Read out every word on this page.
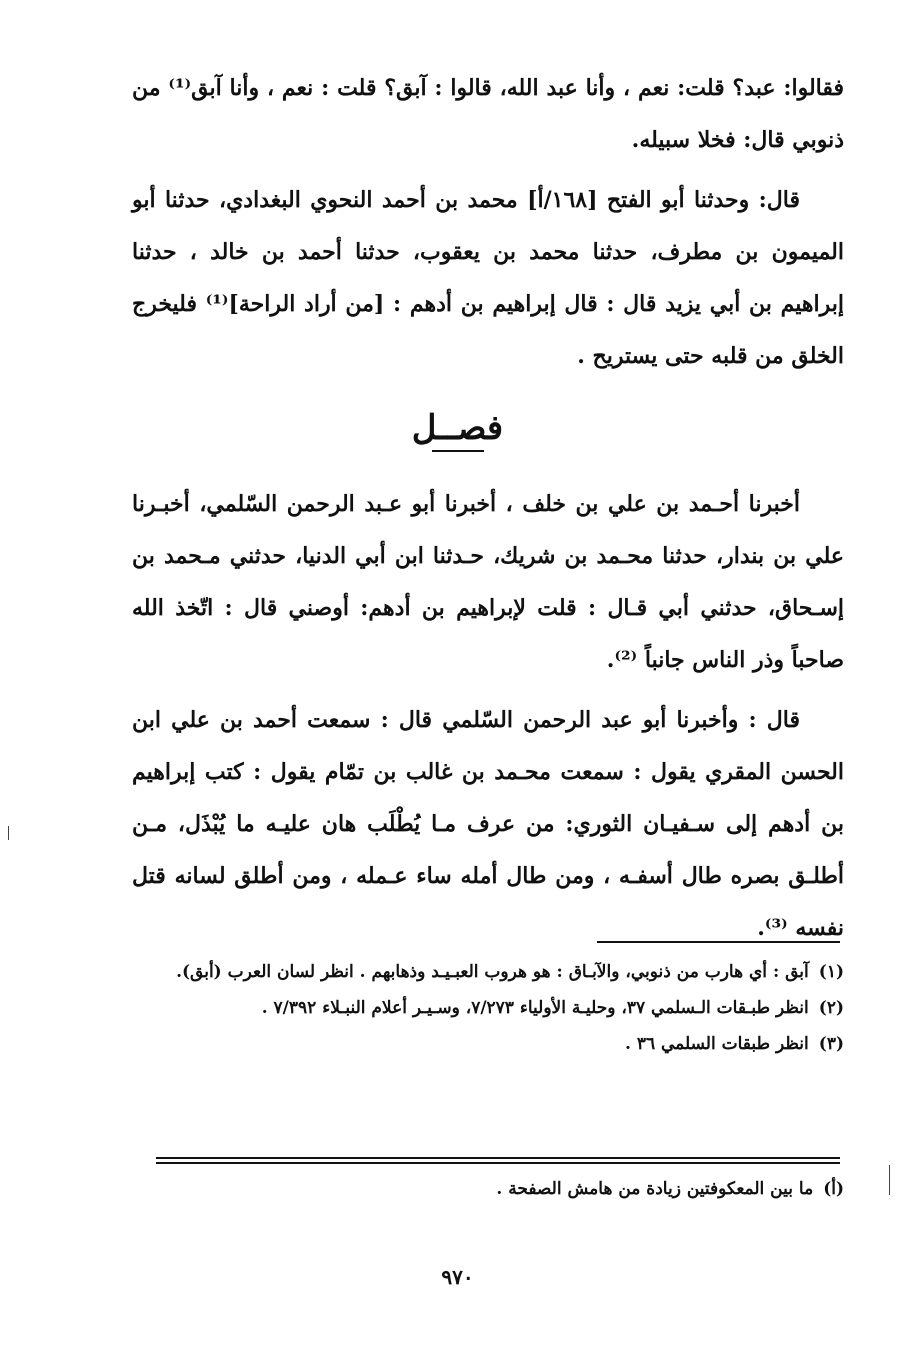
فقالوا: عبد؟ قلت: نعم ، وأنا عبد الله، قالوا : آبق؟ قلت : نعم ، وأنا آبق⁽¹⁾ من ذنوبي قال: فخلا سبيله.

قال: وحدثنا أبو الفتح [١٦٨/أ] محمد بن أحمد النحوي البغدادي، حدثنا أبو الميمون بن مطرف، حدثنا محمد بن يعقوب، حدثنا أحمد بن خالد ، حدثنا إبراهيم بن أبي يزيد قال : قال إبراهيم بن أدهم : [من أراد الراحة]⁽¹⁾ فليخرج الخلق من قلبه حتى يستريح .

فصــل

أخبرنا أحـمد بن علي بن خلف ، أخبرنا أبو عـبد الرحمن السّلمي، أخبـرنا علي بن بندار، حدثنا محـمد بن شريك، حـدثنا ابن أبي الدنيا، حدثني مـحمد بن إسـحاق، حدثني أبي قـال : قلت لإبراهيم بن أدهم: أوصني قال : اتّخذ الله صاحباً وذر الناس جانباً ⁽²⁾.

قال : وأخبرنا أبو عبد الرحمن السّلمي قال : سمعت أحمد بن علي ابن الحسن المقري يقول : سمعت محـمد بن غالب بن تمّام يقول : كتب إبراهيم بن أدهم إلى سـفيـان الثوري: من عرف مـا يُطْلَب هان عليـه ما يُبْذَل، مـن أطلـق بصره طال أسفـه ، ومن طال أمله ساء عـمله ، ومن أطلق لسانه قتل نفسه ⁽³⁾.

(١)آبق : أي هارب من ذنوبي، والآبـاق : هو هروب العبـيـد وذهابهم . انظر لسان العرب (أبق).

(٢)انظر طبـقات الـسلمي ٣٧، وحليـة الأولياء ٧/٢٧٣، وسـيـر أعلام النبـلاء ٧/٣٩٢ .

(٣)انظر طبقات السلمي ٣٦ .

(أ)ما بين المعكوفتين زيادة من هامش الصفحة .

٩٧٠
